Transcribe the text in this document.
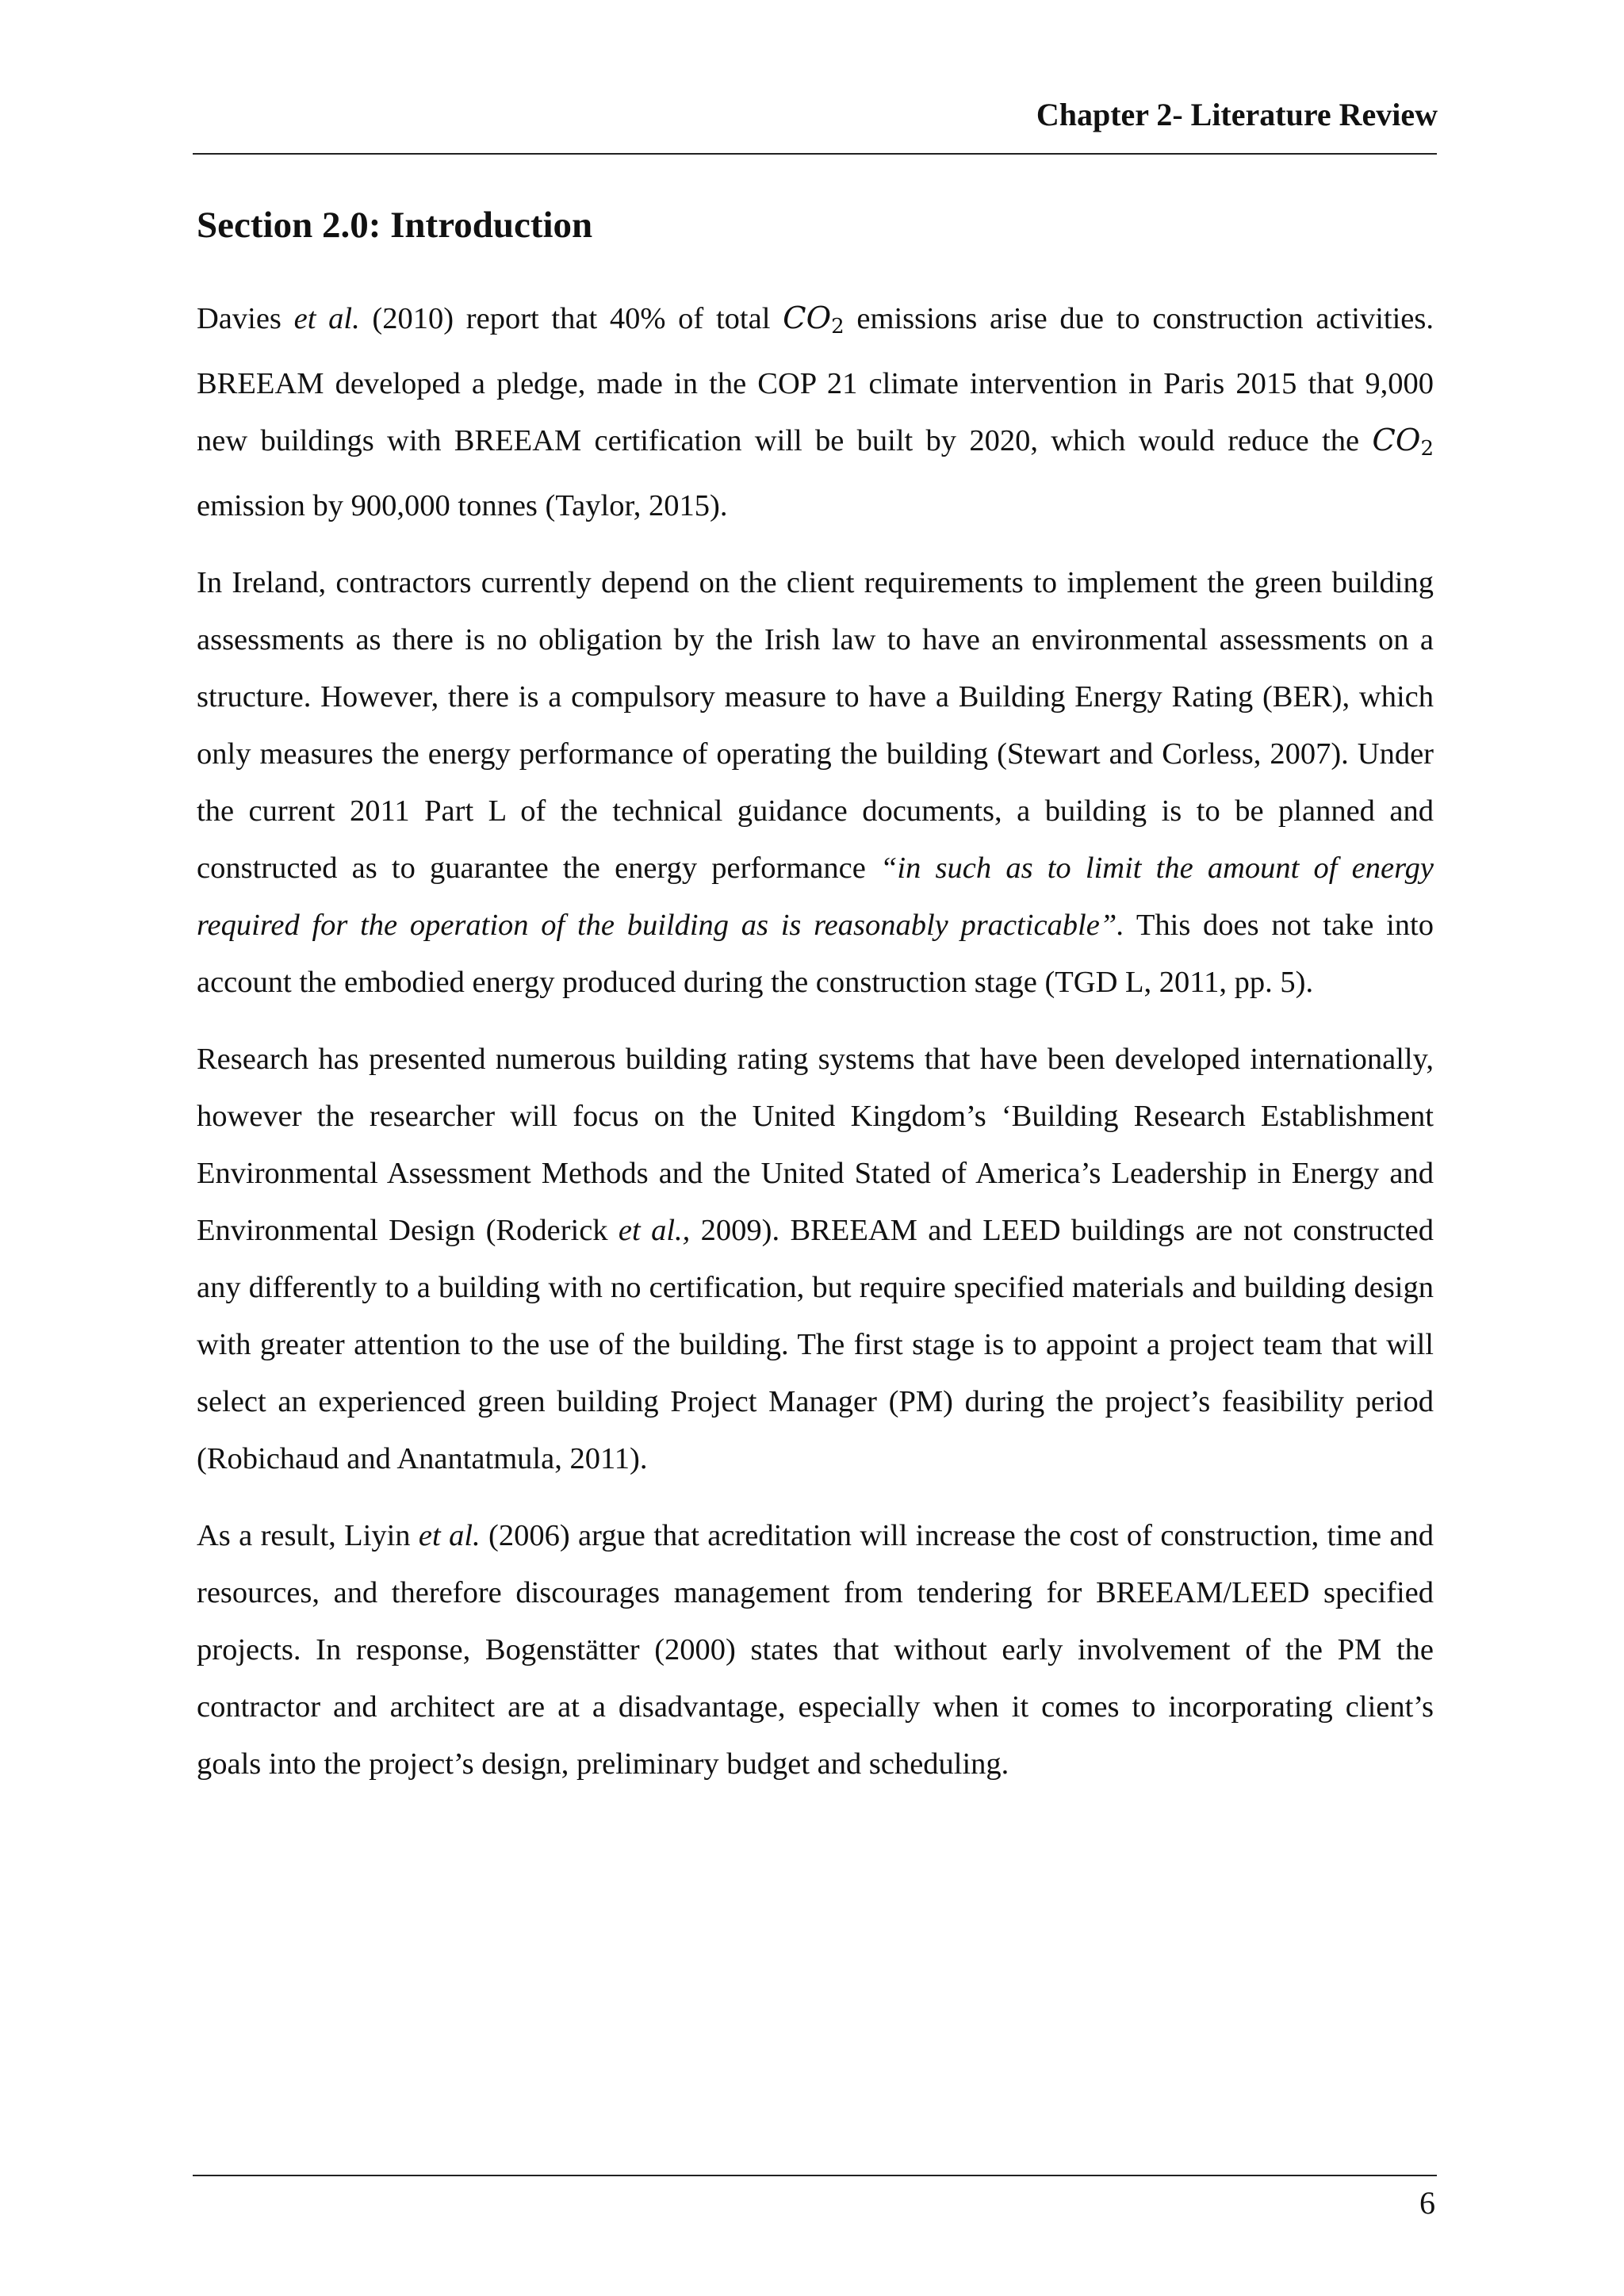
Chapter 2- Literature Review
Section 2.0: Introduction

Davies et al. (2010) report that 40% of total $CO_2$ emissions arise due to construction activities. BREEAM developed a pledge, made in the COP 21 climate intervention in Paris 2015 that 9,000 new buildings with BREEAM certification will be built by 2020, which would reduce the $CO_2$ emission by 900,000 tonnes (Taylor, 2015).

In Ireland, contractors currently depend on the client requirements to implement the green building assessments as there is no obligation by the Irish law to have an environmental assessments on a structure. However, there is a compulsory measure to have a Building Energy Rating (BER), which only measures the energy performance of operating the building (Stewart and Corless, 2007). Under the current 2011 Part L of the technical guidance documents, a building is to be planned and constructed as to guarantee the energy performance “in such as to limit the amount of energy required for the operation of the building as is reasonably practicable”. This does not take into account the embodied energy produced during the construction stage (TGD L, 2011, pp. 5).

Research has presented numerous building rating systems that have been developed internationally, however the researcher will focus on the United Kingdom’s ‘Building Research Establishment Environmental Assessment Methods and the United Stated of America’s Leadership in Energy and Environmental Design (Roderick et al., 2009). BREEAM and LEED buildings are not constructed any differently to a building with no certification, but require specified materials and building design with greater attention to the use of the building. The first stage is to appoint a project team that will select an experienced green building Project Manager (PM) during the project’s feasibility period (Robichaud and Anantatmula, 2011).

As a result, Liyin et al. (2006) argue that acreditation will increase the cost of construction, time and resources, and therefore discourages management from tendering for BREEAM/LEED specified projects. In response, Bogenstätter (2000) states that without early involvement of the PM the contractor and architect are at a disadvantage, especially when it comes to incorporating client’s goals into the project’s design, preliminary budget and scheduling.

6
